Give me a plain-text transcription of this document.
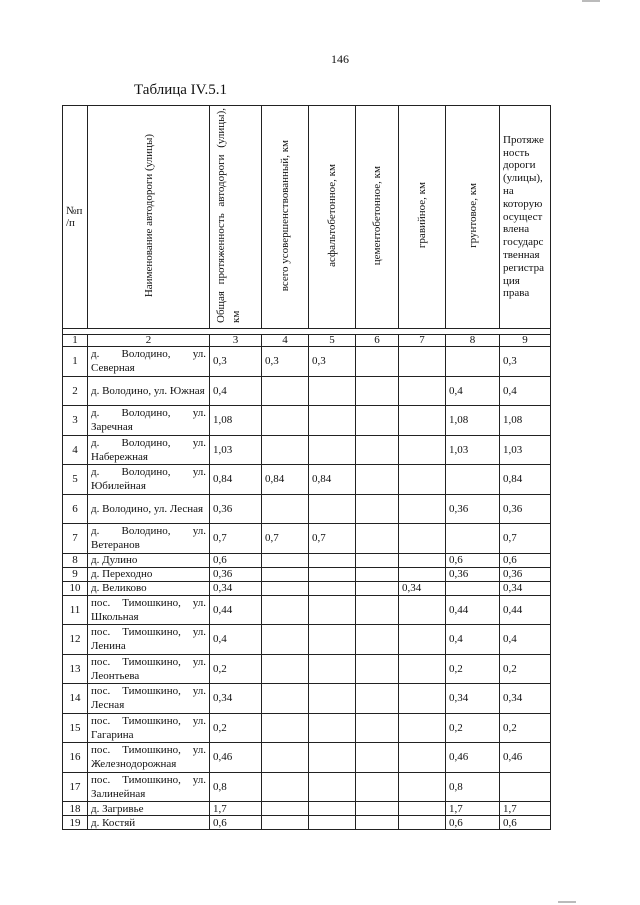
146
Таблица IV.5.1
№п /п	Наименование автодороги (улицы)	Общая протяженность автодороги (улицы), км	всего усовершенствованный, км	асфальтобетонное, км	цементобетонное, км	гравийное, км	грунтовое, км	Протяже ность дороги (улицы), на которую осущест влена государс твенная регистра ция права

1	2	3	4	5	6	7	8	9
1	д. Володино, ул. Северная	0,3	0,3	0,3				0,3
2	д. Володино, ул. Южная	0,4					0,4	0,4
3	д. Володино, ул. Заречная	1,08					1,08	1,08
4	д. Володино, ул. Набережная	1,03					1,03	1,03
5	д. Володино, ул. Юбилейная	0,84	0,84	0,84				0,84
6	д. Володино, ул. Лесная	0,36					0,36	0,36
7	д. Володино, ул. Ветеранов	0,7	0,7	0,7				0,7
8	д. Дулино	0,6					0,6	0,6
9	д. Переходно	0,36					0,36	0,36
10	д. Великово	0,34				0,34		0,34
11	пос. Тимошкино, ул. Школьная	0,44					0,44	0,44
12	пос. Тимошкино, ул. Ленина	0,4					0,4	0,4
13	пос. Тимошкино, ул. Леонтьева	0,2					0,2	0,2
14	пос. Тимошкино, ул. Лесная	0,34					0,34	0,34
15	пос. Тимошкино, ул. Гагарина	0,2					0,2	0,2
16	пос. Тимошкино, ул. Железнодорожная	0,46					0,46	0,46
17	пос. Тимошкино, ул. Залинейная	0,8					0,8	
18	д. Загривье	1,7					1,7	1,7
19	д. Костяй	0,6					0,6	0,6
